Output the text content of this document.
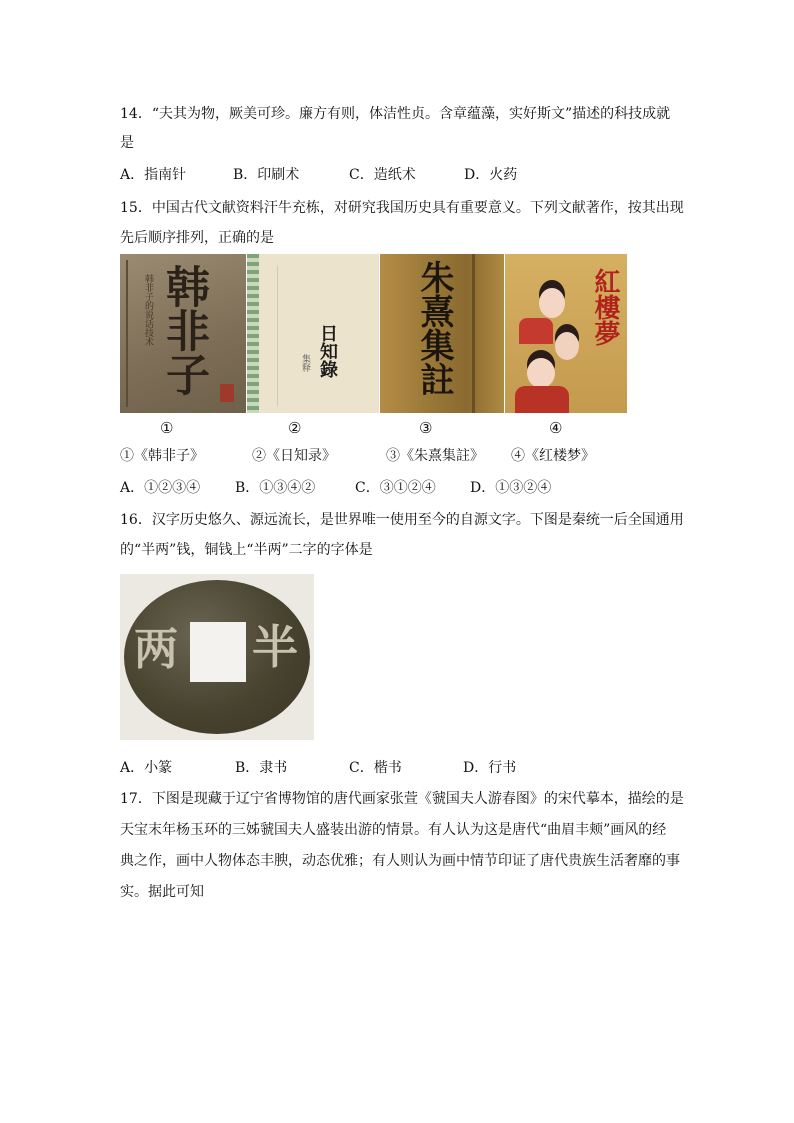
14．“夫其为物，厥美可珍。廉方有则，体洁性贞。含章蕴藻，实好斯文”描述的科技成就
是
A．指南针	B．印刷术	C．造纸术	D．火药
15．中国古代文献资料汗牛充栋，对研究我国历史具有重要意义。下列文献著作，按其出现
先后顺序排列，正确的是
韩非子
韩非子的说话技术
日知錄
集释	朱熹集註	紅樓夢
①	②	③	④
①《韩非子》	②《日知录》	③《朱熹集註》 ④《红楼梦》
A．①②③④ B．①③④②	C．③①②④ D．①③②④
16．汉字历史悠久、源远流长，是世界唯一使用至今的自源文字。下图是秦统一后全国通用
的“半两”钱，铜钱上“半两”二字的字体是
两 半
A．小篆	B．隶书	C．楷书	D．行书
17．下图是现藏于辽宁省博物馆的唐代画家张萱《虢国夫人游春图》的宋代摹本，描绘的是
天宝末年杨玉环的三姊虢国夫人盛装出游的情景。有人认为这是唐代“曲眉丰颊”画风的经
典之作，画中人物体态丰腴，动态优雅；有人则认为画中情节印证了唐代贵族生活奢靡的事
实。据此可知
